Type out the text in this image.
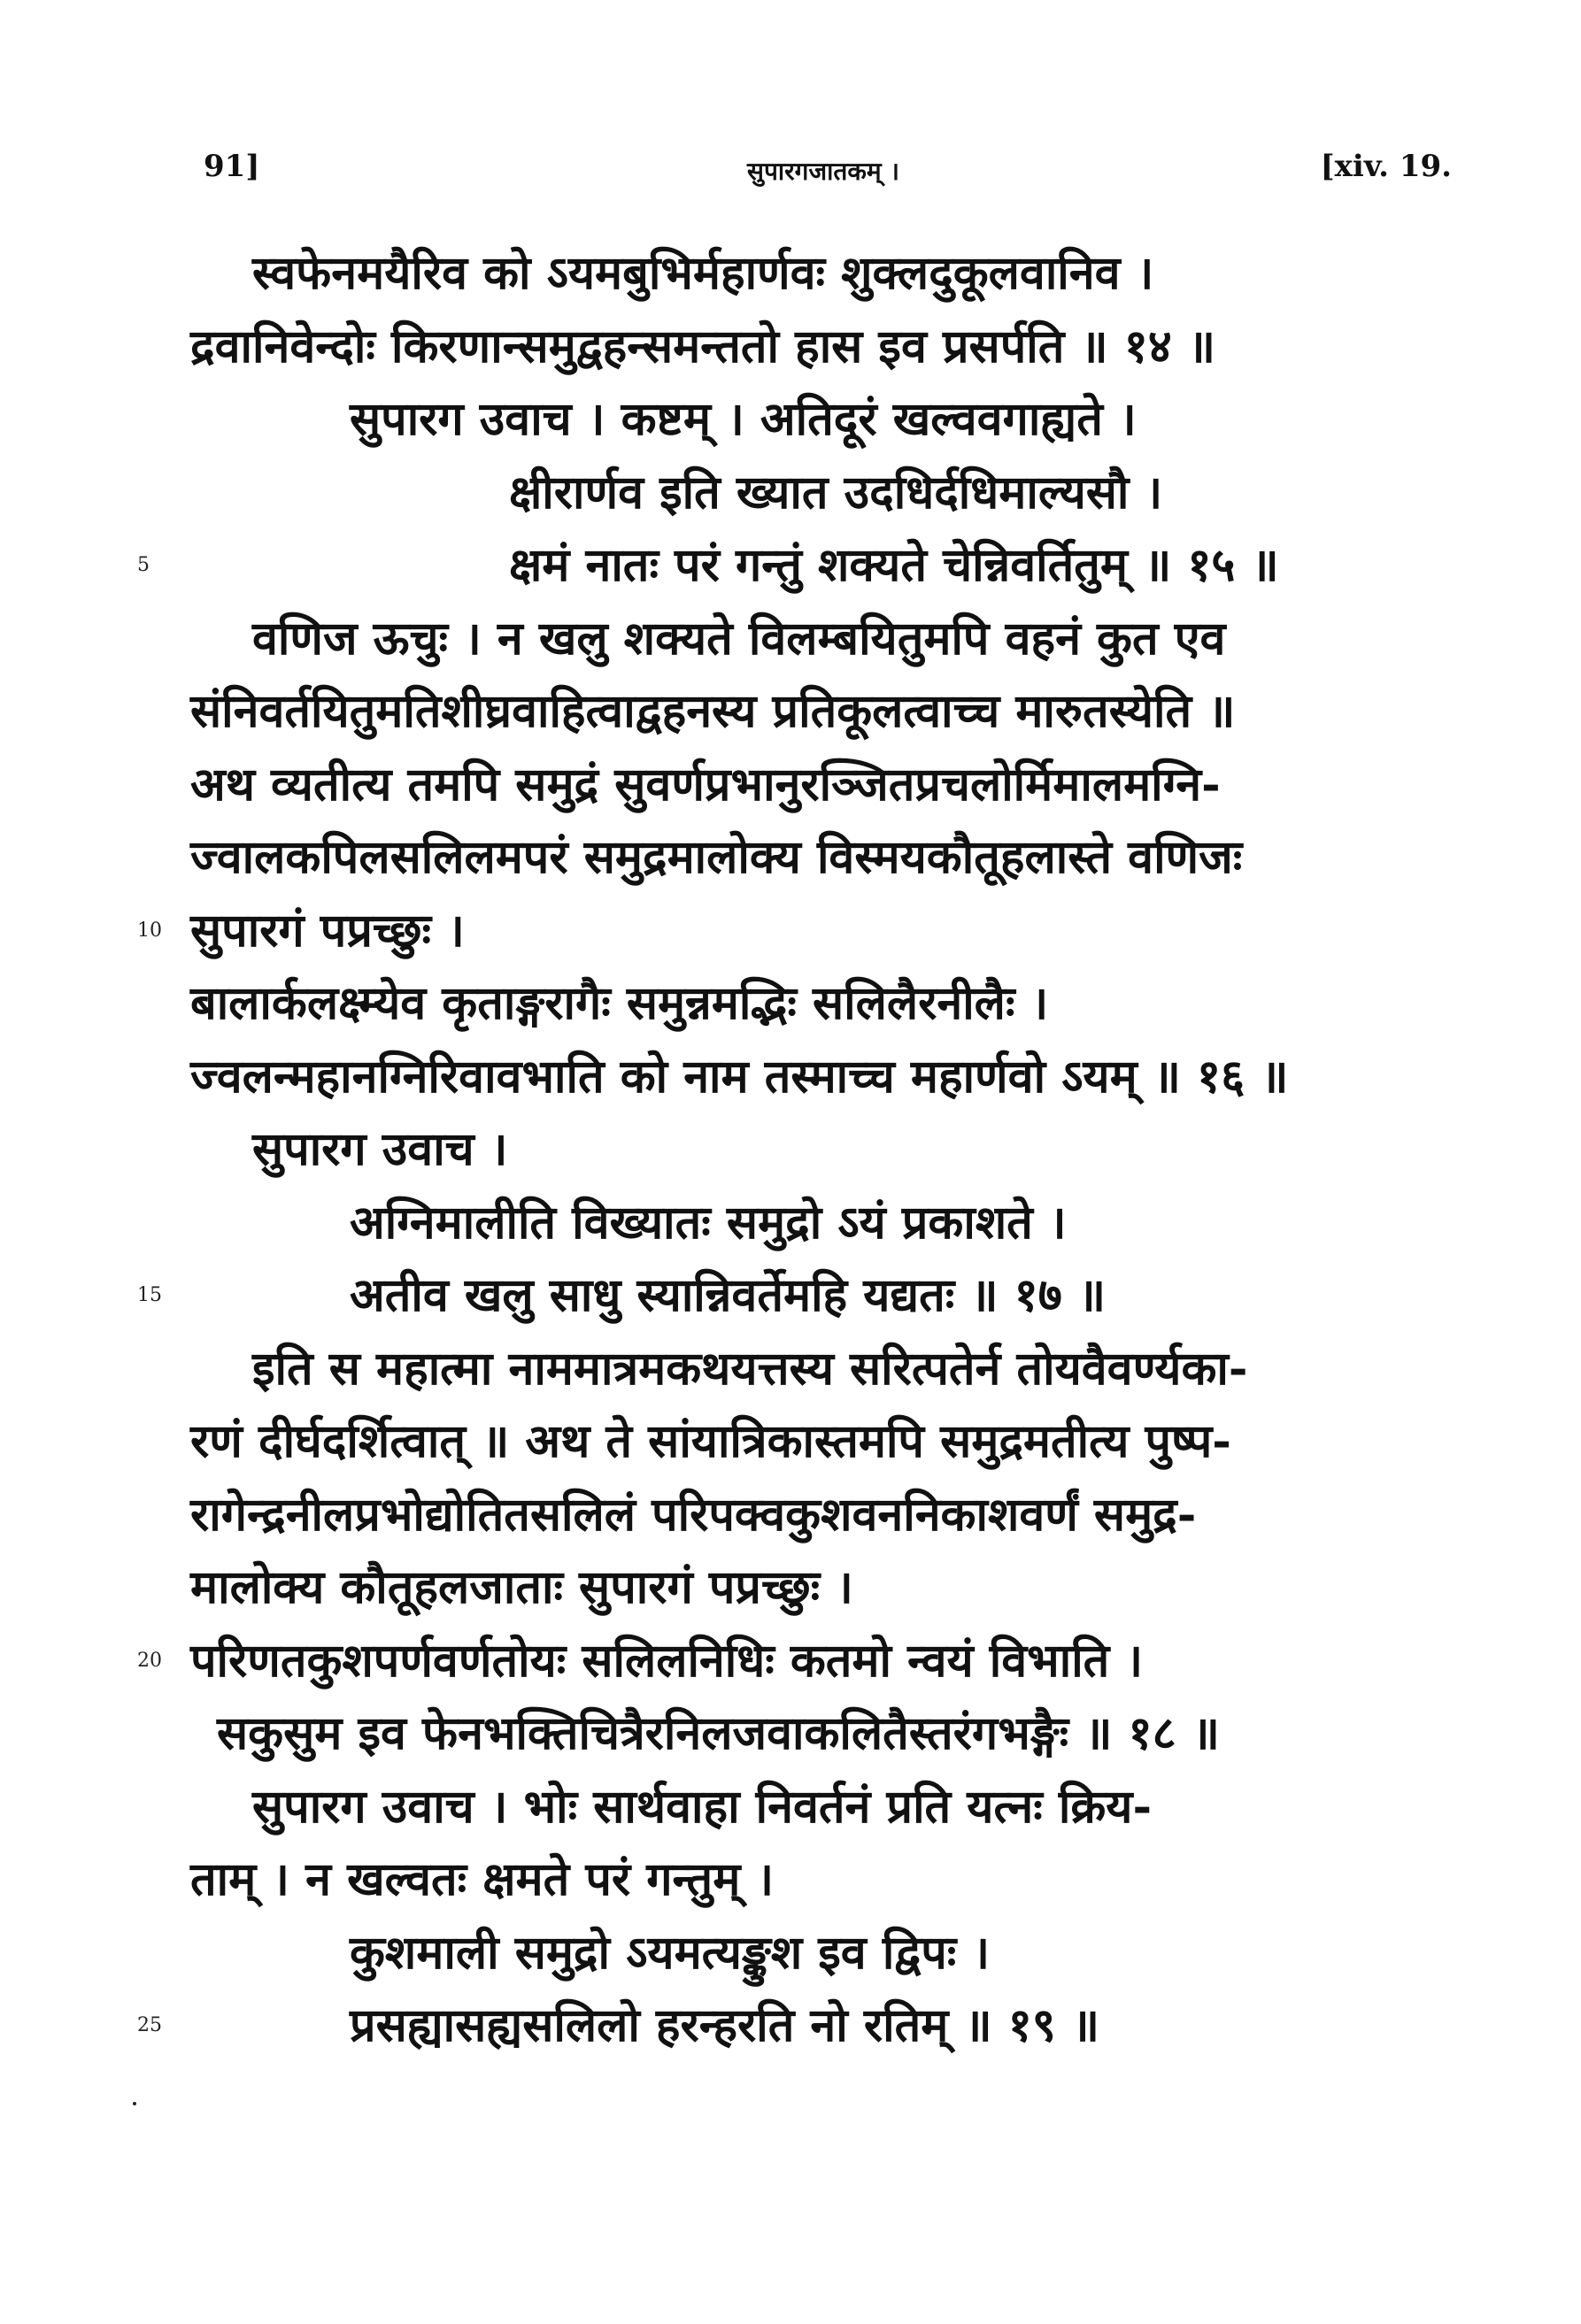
91]	सुपारगजातकम् ।	[xiv. 19.
स्वफेनमयैरिव को ऽयमबुभिर्महार्णवः शुक्लदुकूलवानिव ।
द्रवानिवेन्दोः किरणान्समुद्वहन्समन्ततो हास इव प्रसर्पति ॥ १४ ॥
सुपारग उवाच । कष्टम् । अतिदूरं खल्ववगाह्यते ।
क्षीरार्णव इति ख्यात उदधिर्दधिमाल्यसौ ।
5	क्षमं नातः परं गन्तुं शक्यते चेन्निवर्तितुम् ॥ १५ ॥
वणिज ऊचुः । न खलु शक्यते विलम्बयितुमपि वहनं कुत एव
संनिवर्तयितुमतिशीघ्रवाहित्वाद्वहनस्य प्रतिकूलत्वाच्च मारुतस्येति ॥
अथ व्यतीत्य तमपि समुद्रं सुवर्णप्रभानुरञ्जितप्रचलोर्मिमालमग्नि-
ज्वालकपिलसलिलमपरं समुद्रमालोक्य विस्मयकौतूहलास्ते वणिजः
10 सुपारगं पप्रच्छुः ।
बालार्कलक्ष्म्येव कृताङ्गरागैः समुन्नमद्भिः सलिलैरनीलैः ।
ज्वलन्महानग्निरिवावभाति को नाम तस्माच्च महार्णवो ऽयम् ॥ १६ ॥
सुपारग उवाच ।
अग्निमालीति विख्यातः समुद्रो ऽयं प्रकाशते ।
15	अतीव खलु साधु स्यान्निवर्तेमहि यद्यतः ॥ १७ ॥
इति स महात्मा नाममात्रमकथयत्तस्य सरित्पतेर्न तोयवैवर्ण्यका-
रणं दीर्घदर्शित्वात् ॥ अथ ते सांयात्रिकास्तमपि समुद्रमतीत्य पुष्प-
रागेन्द्रनीलप्रभोद्योतितसलिलं परिपक्वकुशवननिकाशवर्णं समुद्र-
मालोक्य कौतूहलजाताः सुपारगं पप्रच्छुः ।
20 परिणतकुशपर्णवर्णतोयः सलिलनिधिः कतमो न्वयं विभाति ।
सकुसुम इव फेनभक्तिचित्रैरनिलजवाकलितैस्तरंगभङ्गैः ॥ १८ ॥
सुपारग उवाच । भोः सार्थवाहा निवर्तनं प्रति यत्नः क्रिय-
ताम् । न खल्वतः क्षमते परं गन्तुम् ।
कुशमाली समुद्रो ऽयमत्यङ्कुश इव द्विपः ।
25	प्रसह्यासह्यसलिलो हरन्हरति नो रतिम् ॥ १९ ॥
